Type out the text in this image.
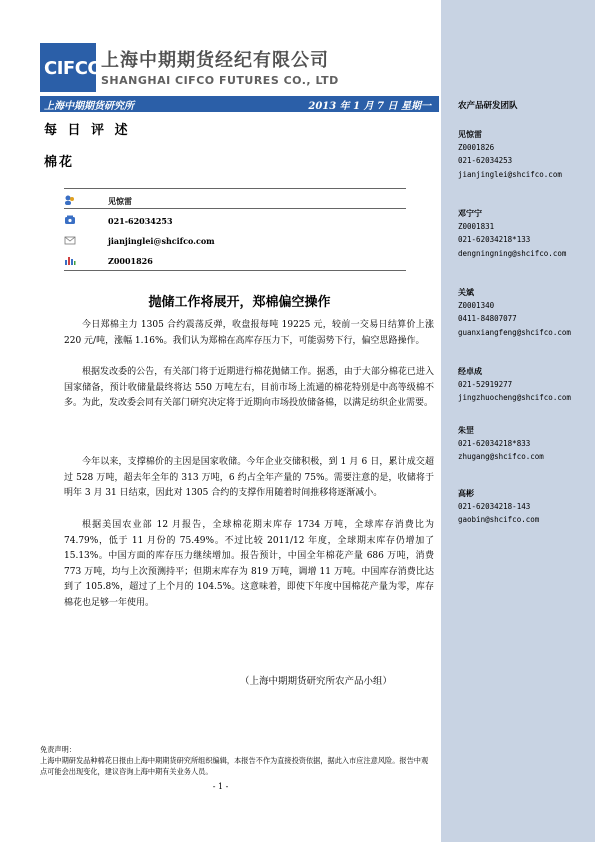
CIFCO
上海中期期货经纪有限公司
SHANGHAI CIFCO FUTURES CO., LTD
上海中期期货研究所	2013 年 1 月 7 日 星期一
每 日 评 述
棉花
见惊雷
021-62034253
jianjinglei@shcifco.com
Z0001826
抛储工作将展开，郑棉偏空操作
今日郑棉主力 1305 合约震荡反弹，收盘报每吨 19225 元，较前一交易日结算价上涨 220 元/吨，涨幅 1.16%。我们认为郑棉在高库存压力下，可能弱势下行，偏空思路操作。
根据发改委的公告，有关部门将于近期进行棉花抛储工作。据悉，由于大部分棉花已进入国家储备，预计收储量最终将达 550 万吨左右，目前市场上流通的棉花特别是中高等级棉不多。为此，发改委会同有关部门研究决定将于近期向市场投放储备棉，以满足纺织企业需要。
今年以来，支撑棉价的主因是国家收储。今年企业交储积极，到 1 月 6 日，累计成交超过 528 万吨，超去年全年的 313 万吨，6 约占全年产量的 75%。需要注意的是，收储将于明年 3 月 31 日结束，因此对 1305 合约的支撑作用随着时间推移将逐渐减小。
根据美国农业部 12 月报告，全球棉花期末库存 1734 万吨，全球库存消费比为 74.79%，低于 11 月份的 75.49%。不过比较 2011/12 年度，全球期末库存仍增加了 15.13%。中国方面的库存压力继续增加。报告预计，中国全年棉花产量 686 万吨，消费 773 万吨，均与上次预测持平；但期末库存为 819 万吨，调增 11 万吨。中国库存消费比达到了 105.8%，超过了上个月的 104.5%。这意味着，即使下年度中国棉花产量为零，库存棉花也足够一年使用。
（上海中期期货研究所农产品小组）
免责声明：
上海中期研发品种棉花日报由上海中期期货研究所组织编辑，本报告不作为直接投资依据，据此入市应注意风险。报告中观点可能会出现变化，建议咨询上海中期有关业务人员。
- 1 -
农产品研发团队
见惊雷
Z0001826
021-62034253
jianjinglei@shcifco.com
邓宁宁
Z0001831
021-62034218*133
dengningning@shcifco.com
关斌
Z0001340
0411-84807077
guanxiangfeng@shcifco.com
经卓成
021-52919277
jingzhuocheng@shcifco.com
朱罡
021-62034218*833
zhugang@shcifco.com
高彬
021-62034218-143
gaobin@shcifco.com
